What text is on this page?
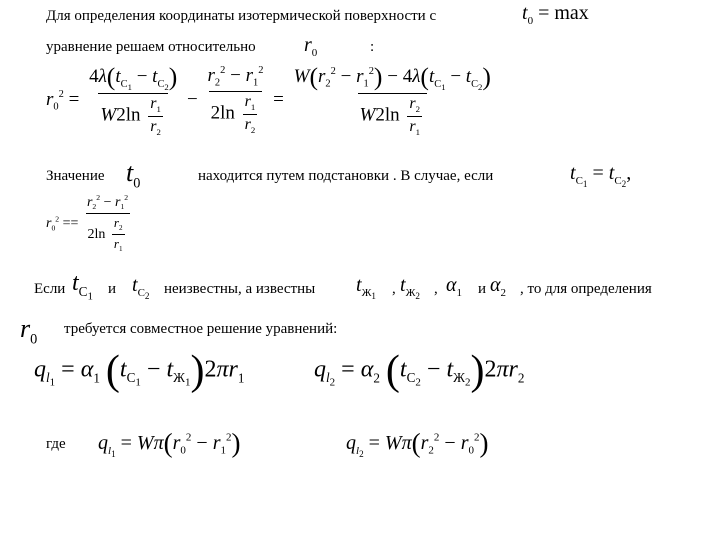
Для определения координаты изотермической поверхности с	$t_0 = \max$
уравнение решаем относительно $r_0$	:
$r_0^2 = \frac{4\lambda(t_{C_1} - t_{C_2})}{W2\ln \frac{r_1}{r_2}} - \frac{r_2^2 - r_1^2}{2\ln \frac{r_1}{r_2}} = \frac{W(r_2^2 - r_1^2) - 4\lambda(t_{C_1} - t_{C_2})}{W2\ln \frac{r_2}{r_1}}$
Значение $t_0$	находится путем подстановки . В случае, если	$t_{C_1} = t_{C_2}$,
$r_0^2 == \frac{r_2^2 - r_1^2}{2\ln \frac{r_2}{r_1}}$
Если $t_{C_1}$ и $t_{C_2}$ неизвестны, а известны $t_{Ж_1}$ , $t_{Ж_2}$ , $\alpha_1$ и $\alpha_2$ , то для определения
$r_0$
требуется совместное решение уравнений:
$q_{l_1} = \alpha_1$ $(t_{C_1} - t_{Ж_1})2\pi r_1$	$q_{l_2} = \alpha_2$ $(t_{C_2} - t_{Ж_2})2\pi r_2$
где $q_{l_1} = W\pi(r_0^2 - r_1^2)$	$q_{l_2} = W\pi(r_2^2 - r_0^2)$
